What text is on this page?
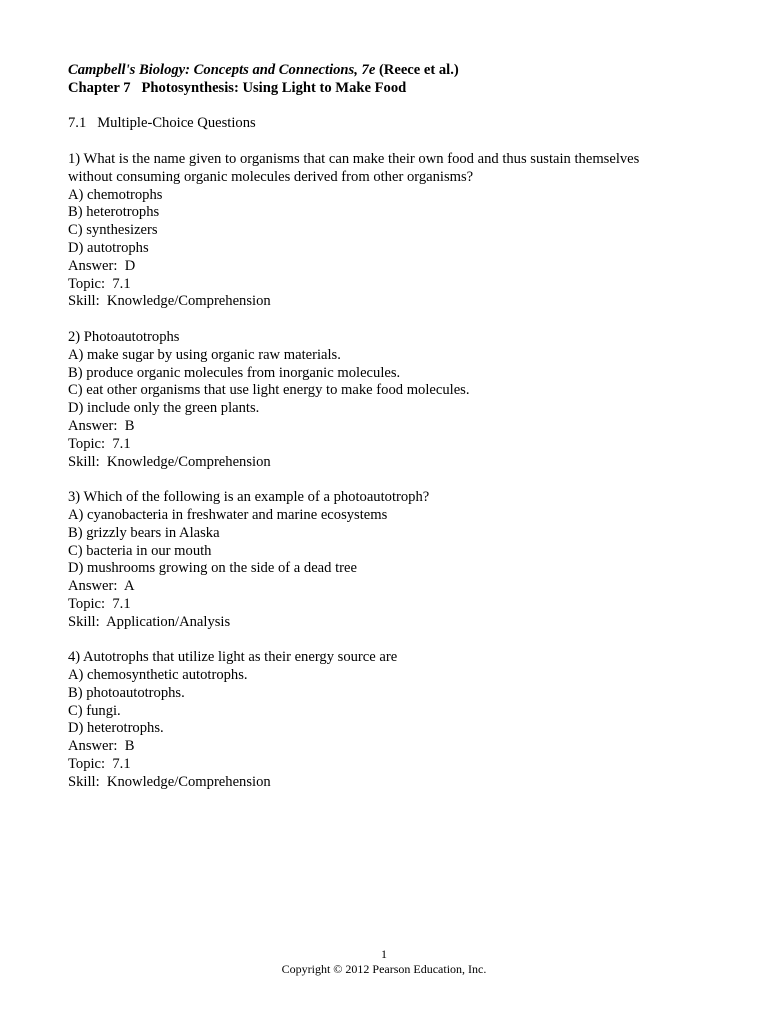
Campbell's Biology: Concepts and Connections, 7e (Reece et al.)
Chapter 7   Photosynthesis: Using Light to Make Food
7.1   Multiple-Choice Questions
1) What is the name given to organisms that can make their own food and thus sustain themselves
without consuming organic molecules derived from other organisms?
A) chemotrophs
B) heterotrophs
C) synthesizers
D) autotrophs
Answer:  D
Topic:  7.1
Skill:  Knowledge/Comprehension
2) Photoautotrophs
A) make sugar by using organic raw materials.
B) produce organic molecules from inorganic molecules.
C) eat other organisms that use light energy to make food molecules.
D) include only the green plants.
Answer:  B
Topic:  7.1
Skill:  Knowledge/Comprehension
3) Which of the following is an example of a photoautotroph?
A) cyanobacteria in freshwater and marine ecosystems
B) grizzly bears in Alaska
C) bacteria in our mouth
D) mushrooms growing on the side of a dead tree
Answer:  A
Topic:  7.1
Skill:  Application/Analysis
4) Autotrophs that utilize light as their energy source are
A) chemosynthetic autotrophs.
B) photoautotrophs.
C) fungi.
D) heterotrophs.
Answer:  B
Topic:  7.1
Skill:  Knowledge/Comprehension
1
Copyright © 2012 Pearson Education, Inc.
